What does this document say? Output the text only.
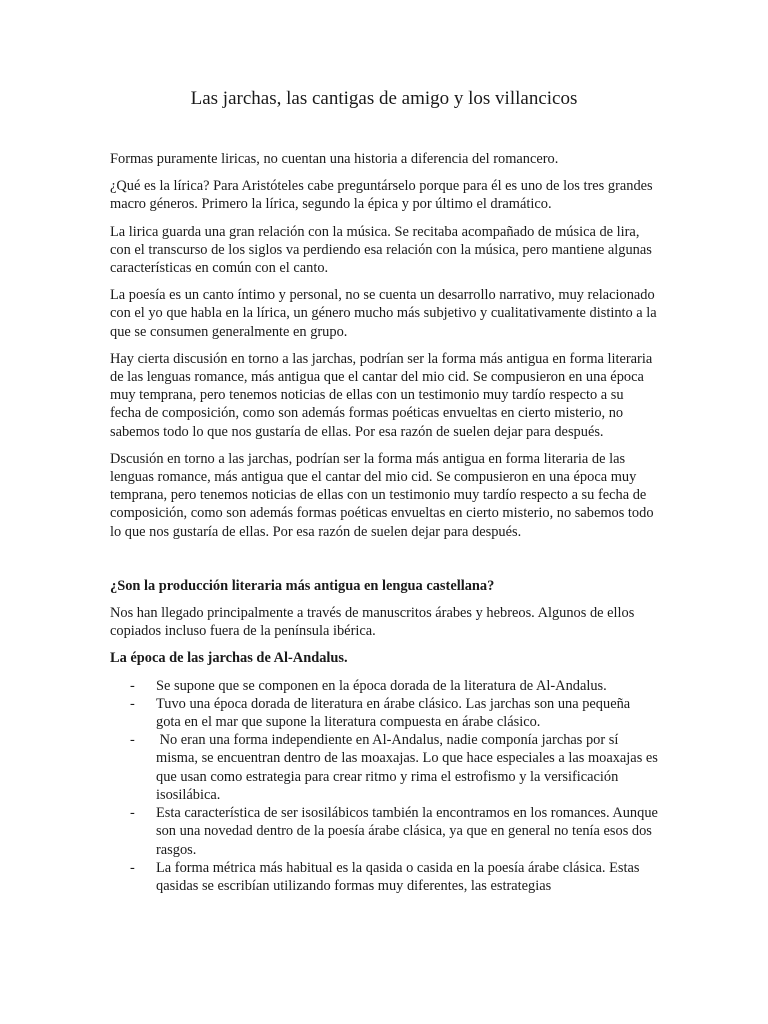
Las jarchas, las cantigas de amigo y los villancicos

Formas puramente liricas, no cuentan una historia a diferencia del romancero.

¿Qué es la lírica? Para Aristóteles cabe preguntárselo porque para él es uno de los tres grandes macro géneros. Primero la lírica, segundo la épica y por último el dramático.

La lirica guarda una gran relación con la música. Se recitaba acompañado de música de lira, con el transcurso de los siglos va perdiendo esa relación con la música, pero mantiene algunas características en común con el canto.

La poesía es un canto íntimo y personal, no se cuenta un desarrollo narrativo, muy relacionado con el yo que habla en la lírica, un género mucho más subjetivo y cualitativamente distinto a la       que se consumen generalmente en grupo.

Hay cierta discusión en torno a las jarchas, podrían ser la forma más antigua en forma literaria de las lenguas romance, más antigua que el cantar del mio cid. Se compusieron en una época muy temprana, pero tenemos noticias de ellas con un testimonio muy tardío respecto a su fecha de composición, como son además formas poéticas envueltas en cierto misterio, no sabemos todo lo que nos gustaría de ellas. Por esa razón de suelen dejar para después.

Dscusión en torno a las jarchas, podrían ser la forma más antigua en forma literaria de las lenguas romance, más antigua que el cantar del mio cid. Se compusieron en una época muy temprana, pero tenemos noticias de ellas con un testimonio muy tardío respecto a su fecha de composición, como son además formas poéticas envueltas en cierto misterio, no sabemos todo lo que nos gustaría de ellas. Por esa razón de suelen dejar para después.

¿Son la producción literaria más antigua en lengua castellana?

Nos han llegado principalmente a través de manuscritos árabes y hebreos. Algunos de ellos copiados incluso fuera de la península ibérica.

La época de las jarchas de Al-Andalus.

- Se supone que se componen en la época dorada de la literatura de Al-Andalus.
- Tuvo una época dorada de literatura en árabe clásico. Las jarchas son una pequeña gota en el mar que supone la literatura compuesta en árabe clásico.
- No eran una forma independiente en Al-Andalus, nadie componía jarchas por sí misma, se encuentran dentro de las moaxajas. Lo que hace especiales a las moaxajas es que usan como estrategia para crear ritmo y rima el estrofismo y la versificación isosilábica.
- Esta característica de ser isosilábicos también la encontramos en los romances. Aunque son una novedad dentro de la poesía árabe clásica, ya que en general no tenía esos dos rasgos.
- La forma métrica más habitual es la qasida o casida en la poesía árabe clásica. Estas qasidas se escribían utilizando formas muy diferentes, las estrategias
